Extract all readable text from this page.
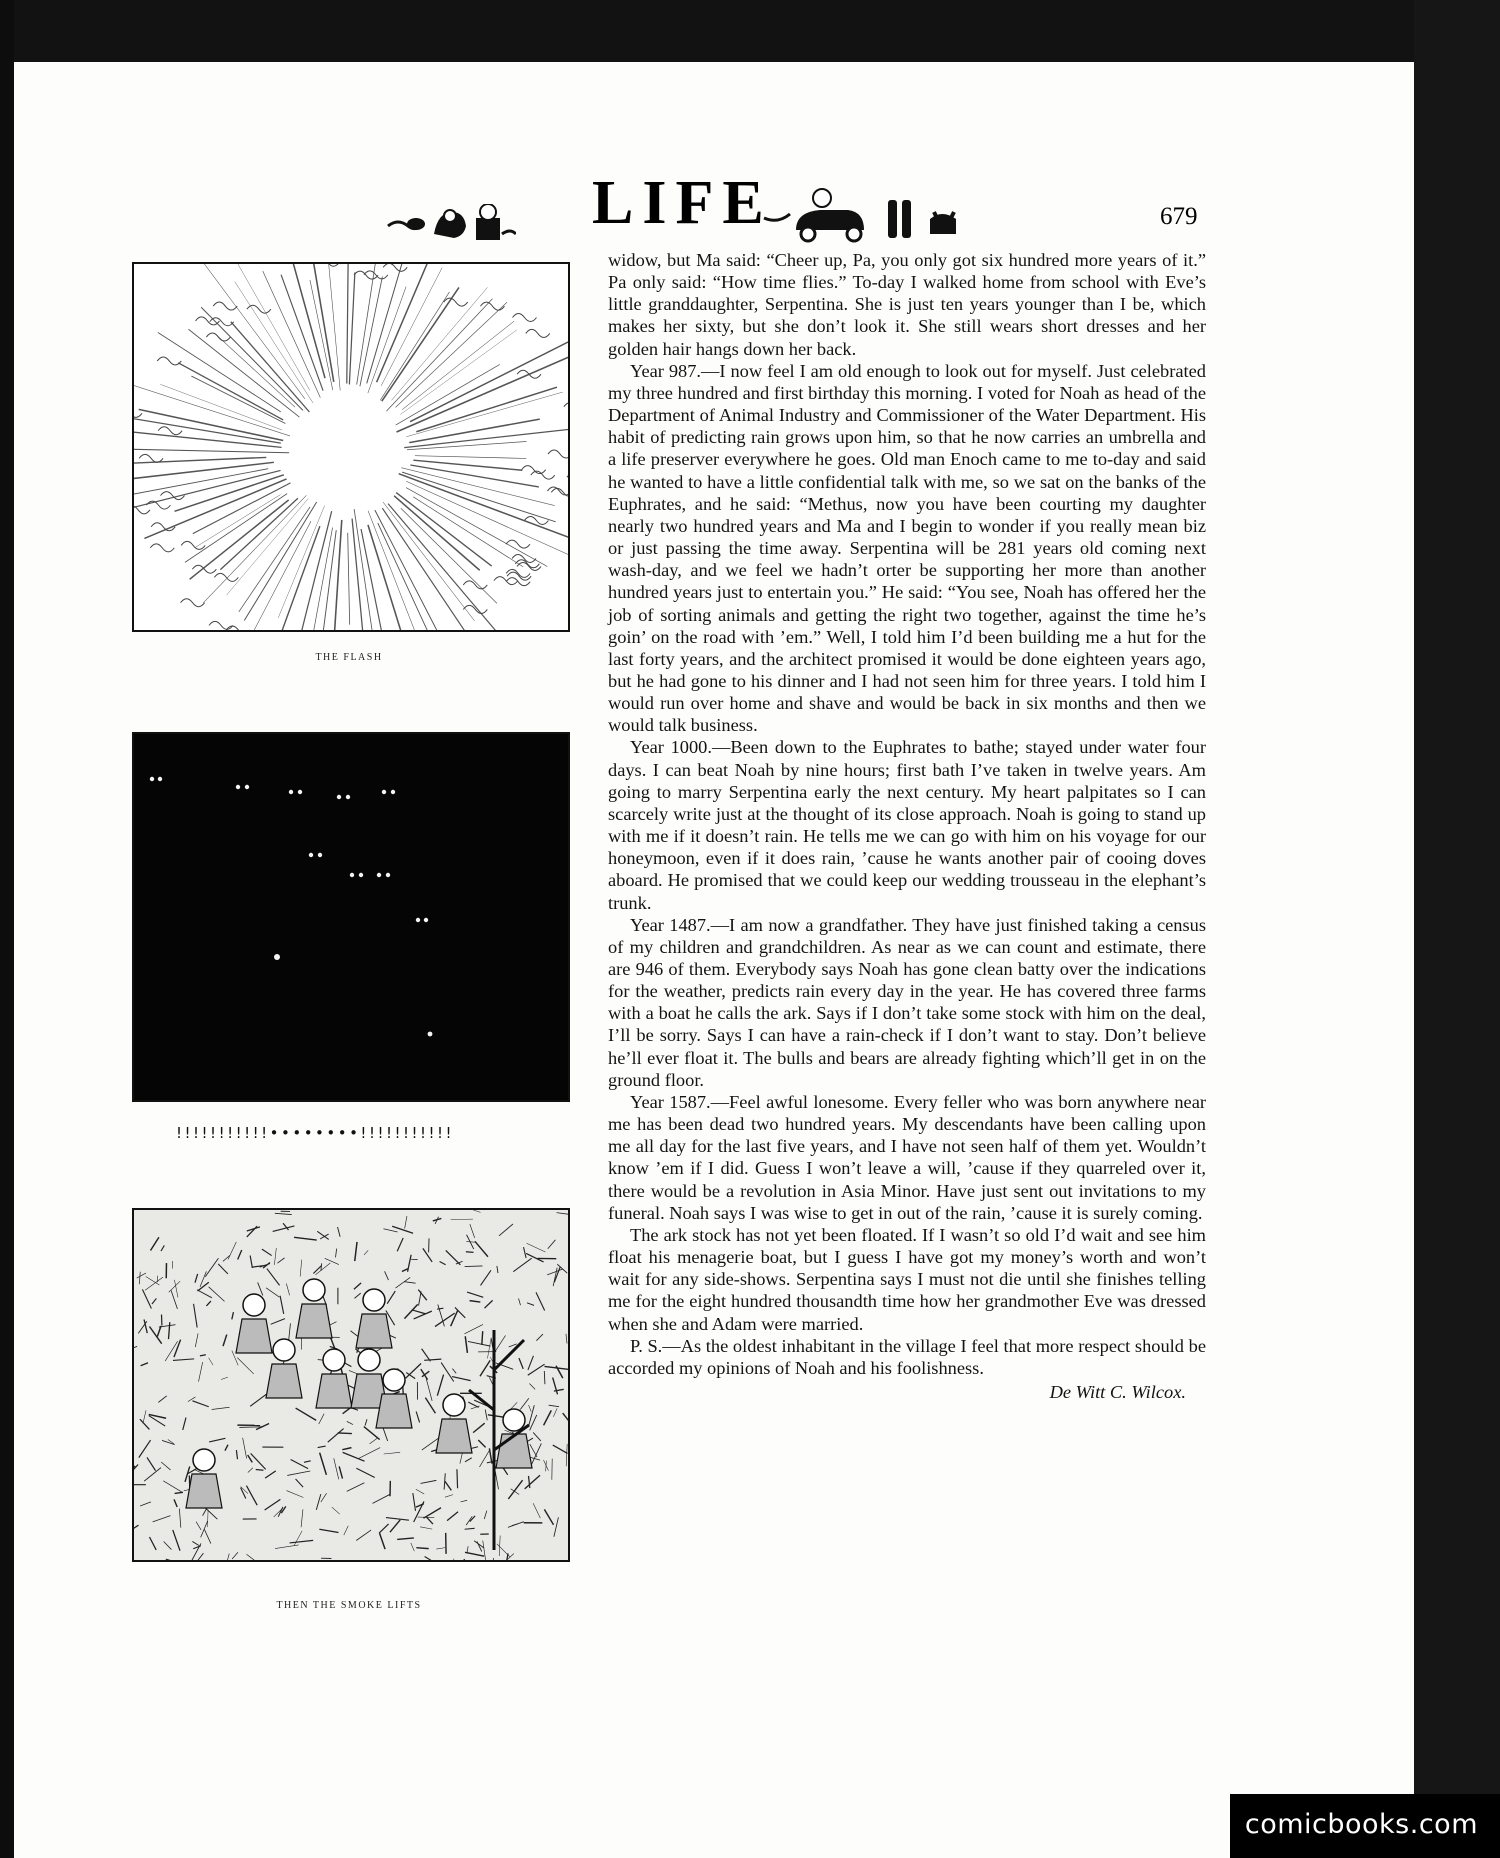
LIFE	679
THE FLASH
!!!!!!!!!!!••••••••!!!!!!!!!!!
THEN THE SMOKE LIFTS

widow, but Ma said: “Cheer up, Pa, you only got six hundred more years of it.” Pa only said: “How time flies.” To-day I walked home from school with Eve’s little granddaughter, Serpentina. She is just ten years younger than I be, which makes her sixty, but she don’t look it. She still wears short dresses and her golden hair hangs down her back.

Year 987.—I now feel I am old enough to look out for myself. Just celebrated my three hundred and first birthday this morning. I voted for Noah as head of the Department of Animal Industry and Commissioner of the Water Department. His habit of predicting rain grows upon him, so that he now carries an umbrella and a life preserver everywhere he goes. Old man Enoch came to me to-day and said he wanted to have a little confidential talk with me, so we sat on the banks of the Euphrates, and he said: “Methus, now you have been courting my daughter nearly two hundred years and Ma and I begin to wonder if you really mean biz or just passing the time away. Serpentina will be 281 years old coming next wash-day, and we feel we hadn’t orter be supporting her more than another hundred years just to entertain you.” He said: “You see, Noah has offered her the job of sorting animals and getting the right two together, against the time he’s goin’ on the road with ’em.” Well, I told him I’d been building me a hut for the last forty years, and the architect promised it would be done eighteen years ago, but he had gone to his dinner and I had not seen him for three years. I told him I would run over home and shave and would be back in six months and then we would talk business.

Year 1000.—Been down to the Euphrates to bathe; stayed under water four days. I can beat Noah by nine hours; first bath I’ve taken in twelve years. Am going to marry Serpentina early the next century. My heart palpitates so I can scarcely write just at the thought of its close approach. Noah is going to stand up with me if it doesn’t rain. He tells me we can go with him on his voyage for our honeymoon, even if it does rain, ’cause he wants another pair of cooing doves aboard. He promised that we could keep our wedding trousseau in the elephant’s trunk.

Year 1487.—I am now a grandfather. They have just finished taking a census of my children and grandchildren. As near as we can count and estimate, there are 946 of them. Everybody says Noah has gone clean batty over the indications for the weather, predicts rain every day in the year. He has covered three farms with a boat he calls the ark. Says if I don’t take some stock with him on the deal, I’ll be sorry. Says I can have a rain-check if I don’t want to stay. Don’t believe he’ll ever float it. The bulls and bears are already fighting which’ll get in on the ground floor.

Year 1587.—Feel awful lonesome. Every feller who was born anywhere near me has been dead two hundred years. My descendants have been calling upon me all day for the last five years, and I have not seen half of them yet. Wouldn’t know ’em if I did. Guess I won’t leave a will, ’cause if they quarreled over it, there would be a revolution in Asia Minor. Have just sent out invitations to my funeral. Noah says I was wise to get in out of the rain, ’cause it is surely coming.

The ark stock has not yet been floated. If I wasn’t so old I’d wait and see him float his menagerie boat, but I guess I have got my money’s worth and won’t wait for any side-shows. Serpentina says I must not die until she finishes telling me for the eight hundred thousandth time how her grandmother Eve was dressed when she and Adam were married.

P. S.—As the oldest inhabitant in the village I feel that more respect should be accorded my opinions of Noah and his foolishness.

De Witt C. Wilcox.
comicbooks.com
